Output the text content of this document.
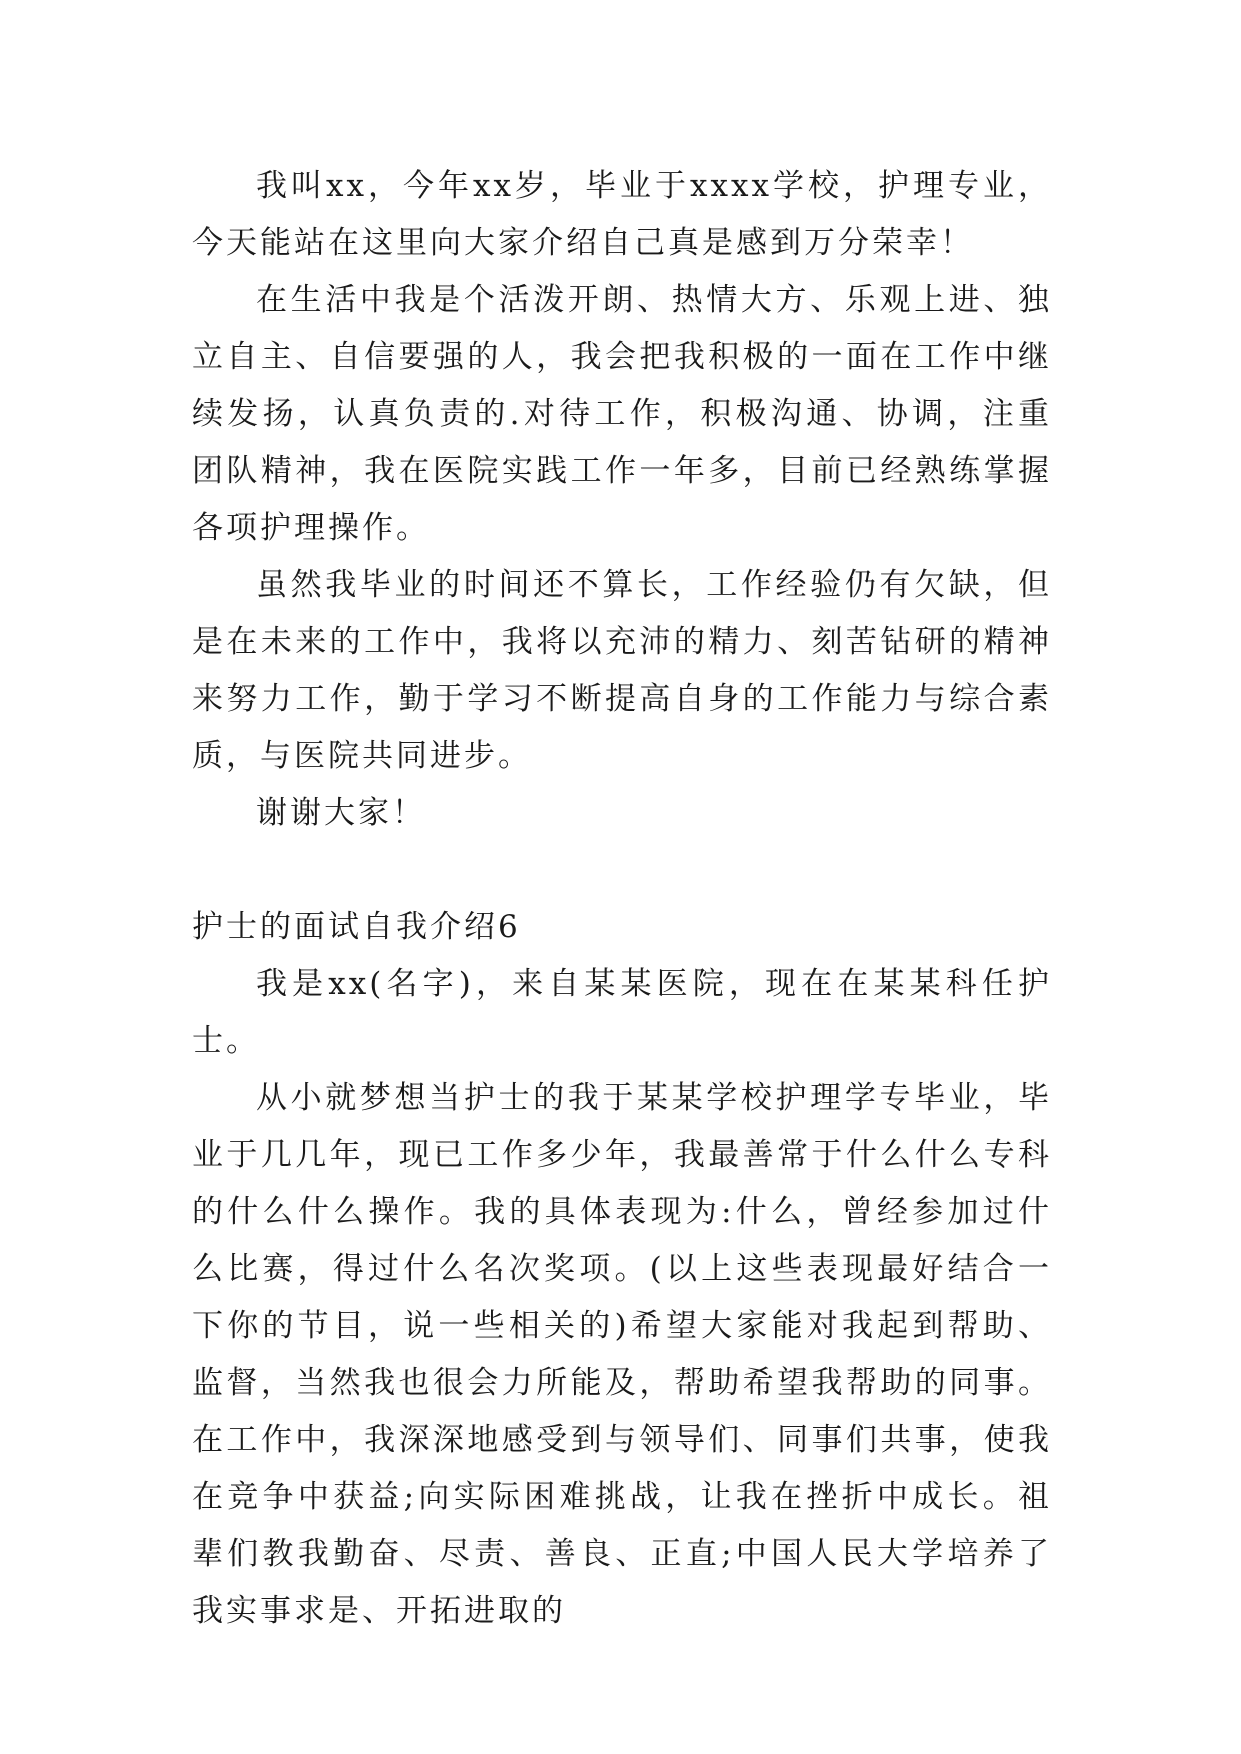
我叫xx，今年xx岁，毕业于xxxx学校，护理专业，今天能站在这里向大家介绍自己真是感到万分荣幸！

在生活中我是个活泼开朗、热情大方、乐观上进、独立自主、自信要强的人，我会把我积极的一面在工作中继续发扬，认真负责的.对待工作，积极沟通、协调，注重团队精神，我在医院实践工作一年多，目前已经熟练掌握各项护理操作。

虽然我毕业的时间还不算长，工作经验仍有欠缺，但是在未来的工作中，我将以充沛的精力、刻苦钻研的精神来努力工作，勤于学习不断提高自身的工作能力与综合素质，与医院共同进步。

谢谢大家！

护士的面试自我介绍6

我是xx(名字)，来自某某医院，现在在某某科任护士。

从小就梦想当护士的我于某某学校护理学专毕业，毕业于几几年，现已工作多少年，我最善常于什么什么专科的什么什么操作。我的具体表现为:什么，曾经参加过什么比赛，得过什么名次奖项。(以上这些表现最好结合一下你的节目，说一些相关的)希望大家能对我起到帮助、监督，当然我也很会力所能及，帮助希望我帮助的同事。在工作中，我深深地感受到与领导们、同事们共事，使我在竞争中获益;向实际困难挑战，让我在挫折中成长。祖辈们教我勤奋、尽责、善良、正直;中国人民大学培养了我实事求是、开拓进取的
